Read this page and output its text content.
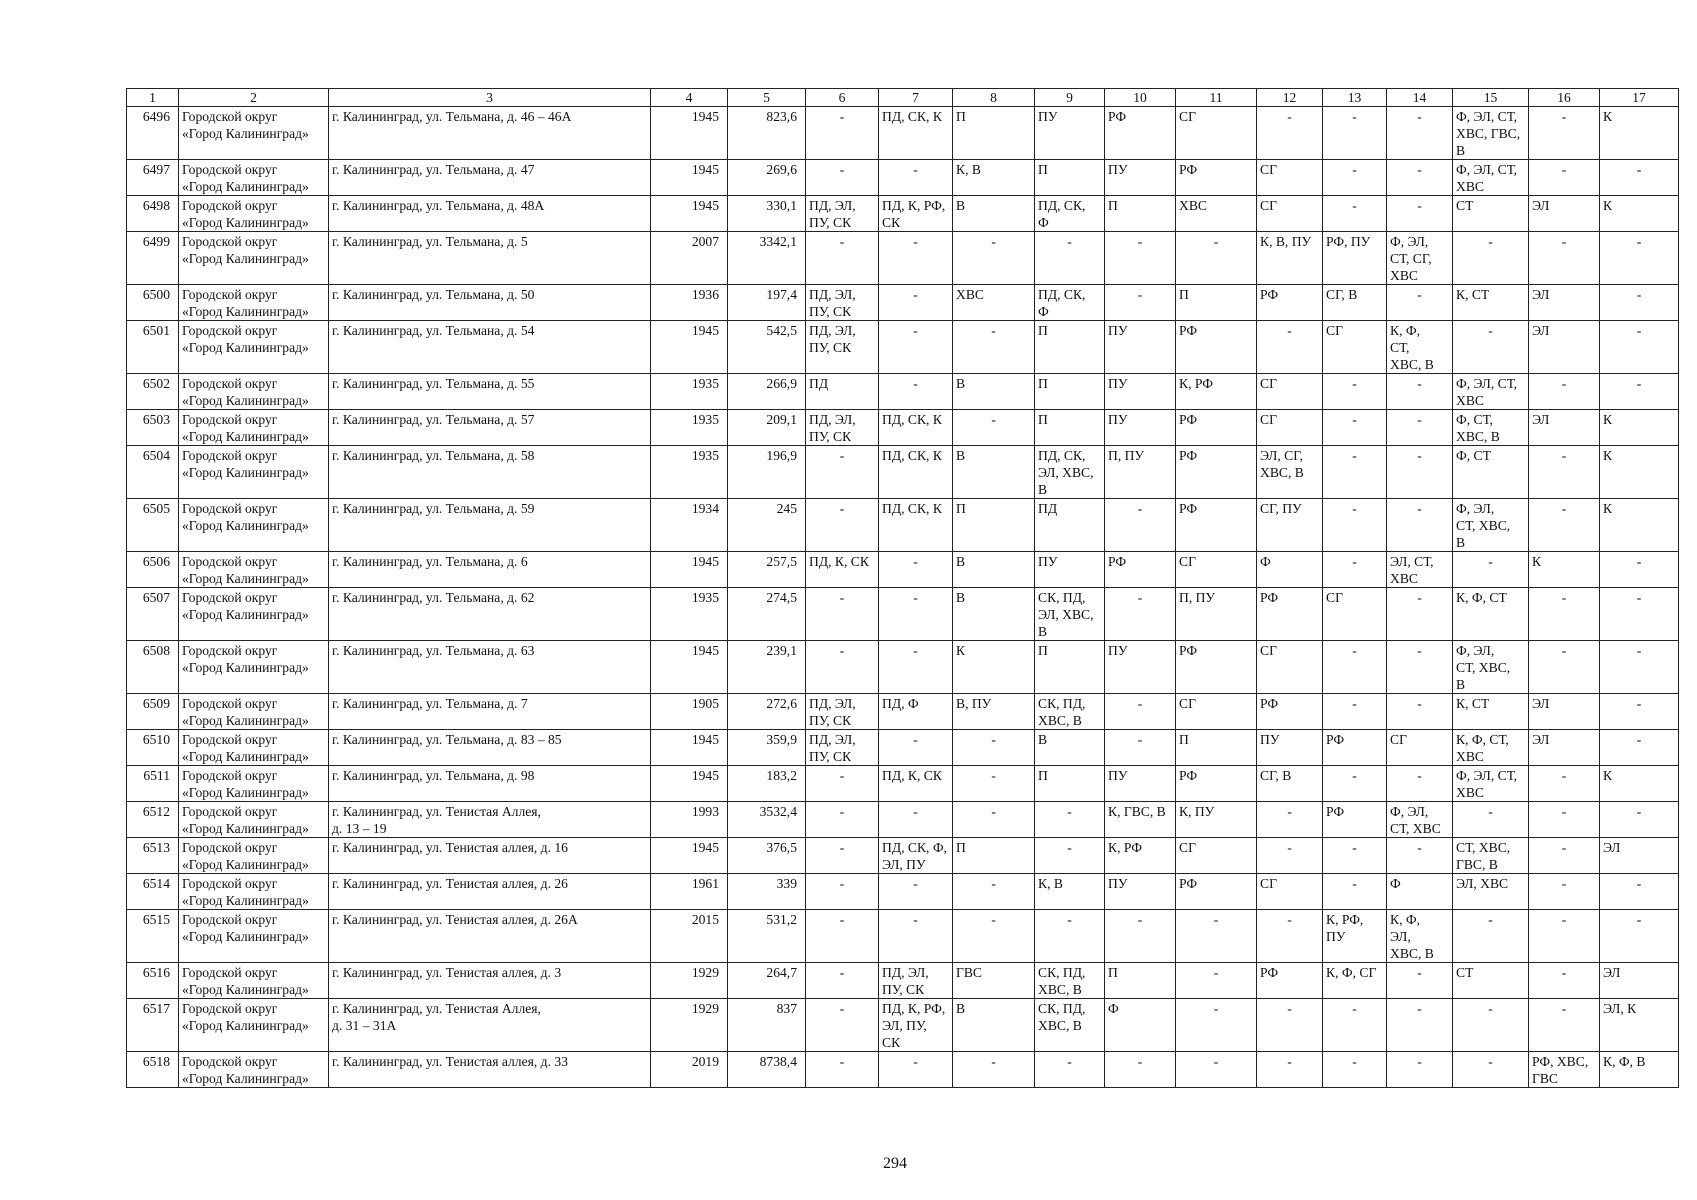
1	2	3	4	5	6	7	8	9	10	11	12	13	14	15	16	17
6496	Городской округ
«Город Калининград»	г. Калининград, ул. Тельмана, д. 46 – 46А	1945	823,6	-	ПД, СК, К	П	ПУ	РФ	СГ	-	-	-	Ф, ЭЛ, СТ,
ХВС, ГВС,
В	-	К
6497	Городской округ
«Город Калининград»	г. Калининград, ул. Тельмана, д. 47	1945	269,6	-	-	К, В	П	ПУ	РФ	СГ	-	-	Ф, ЭЛ, СТ,
ХВС	-	-
6498	Городской округ
«Город Калининград»	г. Калининград, ул. Тельмана, д. 48А	1945	330,1	ПД, ЭЛ,
ПУ, СК	ПД, К, РФ,
СК	В	ПД, СК,
Ф	П	ХВС	СГ	-	-	СТ	ЭЛ	К
6499	Городской округ
«Город Калининград»	г. Калининград, ул. Тельмана, д. 5	2007	3342,1	-	-	-	-	-	-	К, В, ПУ	РФ, ПУ	Ф, ЭЛ,
СТ, СГ,
ХВС	-	-	-
6500	Городской округ
«Город Калининград»	г. Калининград, ул. Тельмана, д. 50	1936	197,4	ПД, ЭЛ,
ПУ, СК	-	ХВС	ПД, СК,
Ф	-	П	РФ	СГ, В	-	К, СТ	ЭЛ	-
6501	Городской округ
«Город Калининград»	г. Калининград, ул. Тельмана, д. 54	1945	542,5	ПД, ЭЛ,
ПУ, СК	-	-	П	ПУ	РФ	-	СГ	К, Ф,
СТ,
ХВС, В	-	ЭЛ	-
6502	Городской округ
«Город Калининград»	г. Калининград, ул. Тельмана, д. 55	1935	266,9	ПД	-	В	П	ПУ	К, РФ	СГ	-	-	Ф, ЭЛ, СТ,
ХВС	-	-
6503	Городской округ
«Город Калининград»	г. Калининград, ул. Тельмана, д. 57	1935	209,1	ПД, ЭЛ,
ПУ, СК	ПД, СК, К	-	П	ПУ	РФ	СГ	-	-	Ф, СТ,
ХВС, В	ЭЛ	К
6504	Городской округ
«Город Калининград»	г. Калининград, ул. Тельмана, д. 58	1935	196,9	-	ПД, СК, К	В	ПД, СК,
ЭЛ, ХВС,
В	П, ПУ	РФ	ЭЛ, СГ,
ХВС, В	-	-	Ф, СТ	-	К
6505	Городской округ
«Город Калининград»	г. Калининград, ул. Тельмана, д. 59	1934	245	-	ПД, СК, К	П	ПД	-	РФ	СГ, ПУ	-	-	Ф, ЭЛ,
СТ, ХВС,
В	-	К
6506	Городской округ
«Город Калининград»	г. Калининград, ул. Тельмана, д. 6	1945	257,5	ПД, К, СК	-	В	ПУ	РФ	СГ	Ф	-	ЭЛ, СТ,
ХВС	-	К	-
6507	Городской округ
«Город Калининград»	г. Калининград, ул. Тельмана, д. 62	1935	274,5	-	-	В	СК, ПД,
ЭЛ, ХВС,
В	-	П, ПУ	РФ	СГ	-	К, Ф, СТ	-	-
6508	Городской округ
«Город Калининград»	г. Калининград, ул. Тельмана, д. 63	1945	239,1	-	-	К	П	ПУ	РФ	СГ	-	-	Ф, ЭЛ,
СТ, ХВС,
В	-	-
6509	Городской округ
«Город Калининград»	г. Калининград, ул. Тельмана, д. 7	1905	272,6	ПД, ЭЛ,
ПУ, СК	ПД, Ф	В, ПУ	СК, ПД,
ХВС, В	-	СГ	РФ	-	-	К, СТ	ЭЛ	-
6510	Городской округ
«Город Калининград»	г. Калининград, ул. Тельмана, д. 83 – 85	1945	359,9	ПД, ЭЛ,
ПУ, СК	-	-	В	-	П	ПУ	РФ	СГ	К, Ф, СТ,
ХВС	ЭЛ	-
6511	Городской округ
«Город Калининград»	г. Калининград, ул. Тельмана, д. 98	1945	183,2	-	ПД, К, СК	-	П	ПУ	РФ	СГ, В	-	-	Ф, ЭЛ, СТ,
ХВС	-	К
6512	Городской округ
«Город Калининград»	г. Калининград, ул. Тенистая Аллея,
д. 13 – 19	1993	3532,4	-	-	-	-	К, ГВС, В	К, ПУ	-	РФ	Ф, ЭЛ,
СТ, ХВС	-	-	-
6513	Городской округ
«Город Калининград»	г. Калининград, ул. Тенистая аллея, д. 16	1945	376,5	-	ПД, СК, Ф,
ЭЛ, ПУ	П	-	К, РФ	СГ	-	-	-	СТ, ХВС,
ГВС, В	-	ЭЛ
6514	Городской округ
«Город Калининград»	г. Калининград, ул. Тенистая аллея, д. 26	1961	339	-	-	-	К, В	ПУ	РФ	СГ	-	Ф	ЭЛ, ХВС	-	-
6515	Городской округ
«Город Калининград»	г. Калининград, ул. Тенистая аллея, д. 26А	2015	531,2	-	-	-	-	-	-	-	К, РФ,
ПУ	К, Ф,
ЭЛ,
ХВС, В	-	-	-
6516	Городской округ
«Город Калининград»	г. Калининград, ул. Тенистая аллея, д. 3	1929	264,7	-	ПД, ЭЛ,
ПУ, СК	ГВС	СК, ПД,
ХВС, В	П	-	РФ	К, Ф, СГ	-	СТ	-	ЭЛ
6517	Городской округ
«Город Калининград»	г. Калининград, ул. Тенистая Аллея,
д. 31 – 31А	1929	837	-	ПД, К, РФ,
ЭЛ, ПУ,
СК	В	СК, ПД,
ХВС, В	Ф	-	-	-	-	-	-	ЭЛ, К
6518	Городской округ
«Город Калининград»	г. Калининград, ул. Тенистая аллея, д. 33	2019	8738,4	-	-	-	-	-	-	-	-	-	-	РФ, ХВС,
ГВС	К, Ф, В
294
